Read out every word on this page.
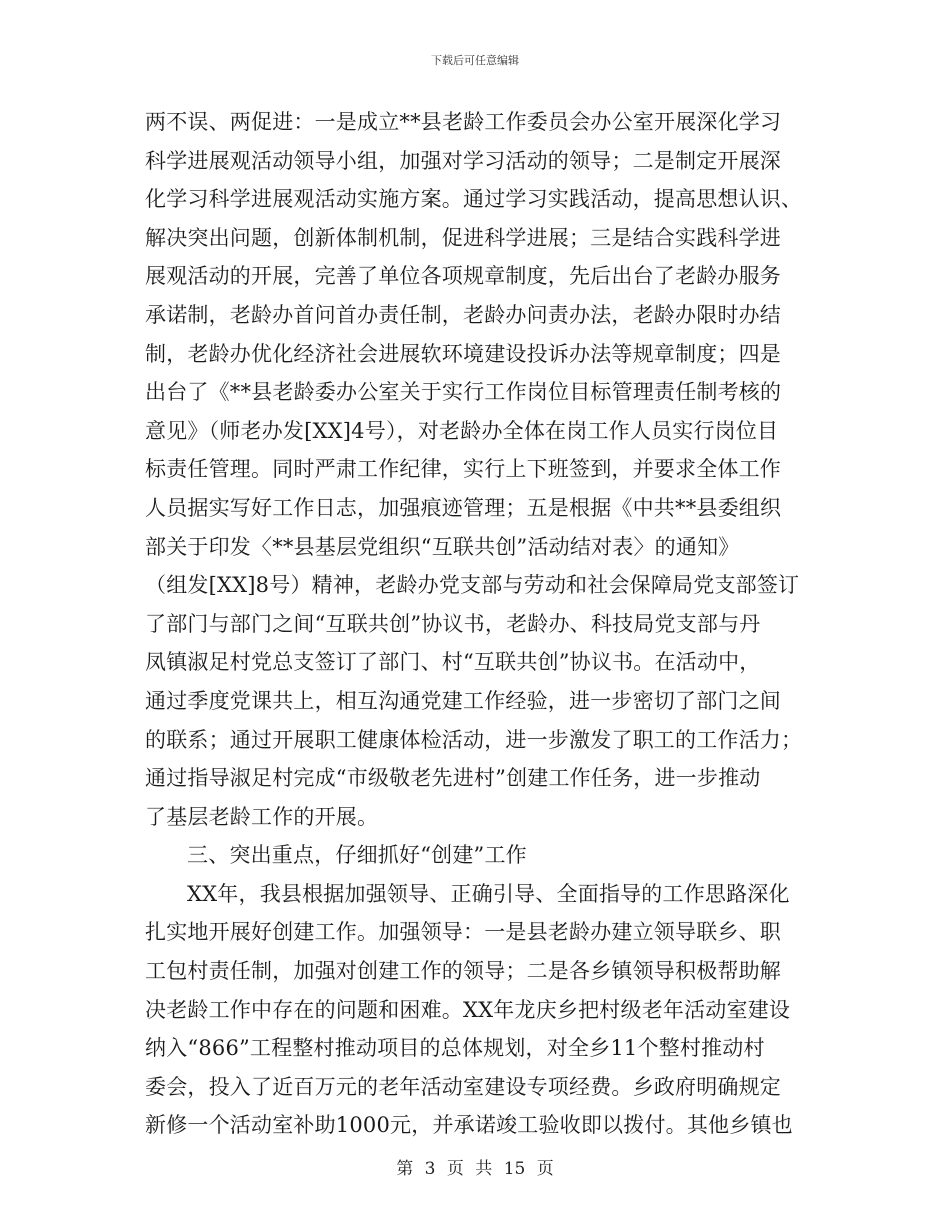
下载后可任意编辑
两不误、两促进：一是成立**县老龄工作委员会办公室开展深化学习
科学进展观活动领导小组，加强对学习活动的领导；二是制定开展深
化学习科学进展观活动实施方案。通过学习实践活动，提高思想认识、
解决突出问题，创新体制机制，促进科学进展；三是结合实践科学进
展观活动的开展，完善了单位各项规章制度，先后出台了老龄办服务
承诺制，老龄办首问首办责任制，老龄办问责办法，老龄办限时办结
制，老龄办优化经济社会进展软环境建设投诉办法等规章制度；四是
出台了《**县老龄委办公室关于实行工作岗位目标管理责任制考核的
意见》（师老办发[XX]4号），对老龄办全体在岗工作人员实行岗位目
标责任管理。同时严肃工作纪律，实行上下班签到，并要求全体工作
人员据实写好工作日志，加强痕迹管理；五是根据《中共**县委组织
部关于印发〈**县基层党组织“互联共创”活动结对表〉的通知》
（组发[XX]8号）精神，老龄办党支部与劳动和社会保障局党支部签订
了部门与部门之间“互联共创”协议书，老龄办、科技局党支部与丹
凤镇淑足村党总支签订了部门、村“互联共创”协议书。在活动中，
通过季度党课共上，相互沟通党建工作经验，进一步密切了部门之间
的联系；通过开展职工健康体检活动，进一步激发了职工的工作活力；
通过指导淑足村完成“市级敬老先进村”创建工作任务，进一步推动
了基层老龄工作的开展。
三、突出重点，仔细抓好“创建”工作
XX年，我县根据加强领导、正确引导、全面指导的工作思路深化
扎实地开展好创建工作。加强领导：一是县老龄办建立领导联乡、职
工包村责任制，加强对创建工作的领导；二是各乡镇领导积极帮助解
决老龄工作中存在的问题和困难。XX年龙庆乡把村级老年活动室建设
纳入“866”工程整村推动项目的总体规划，对全乡11个整村推动村
委会，投入了近百万元的老年活动室建设专项经费。乡政府明确规定
新修一个活动室补助1000元，并承诺竣工验收即以拨付。其他乡镇也
第 3 页 共 15 页
